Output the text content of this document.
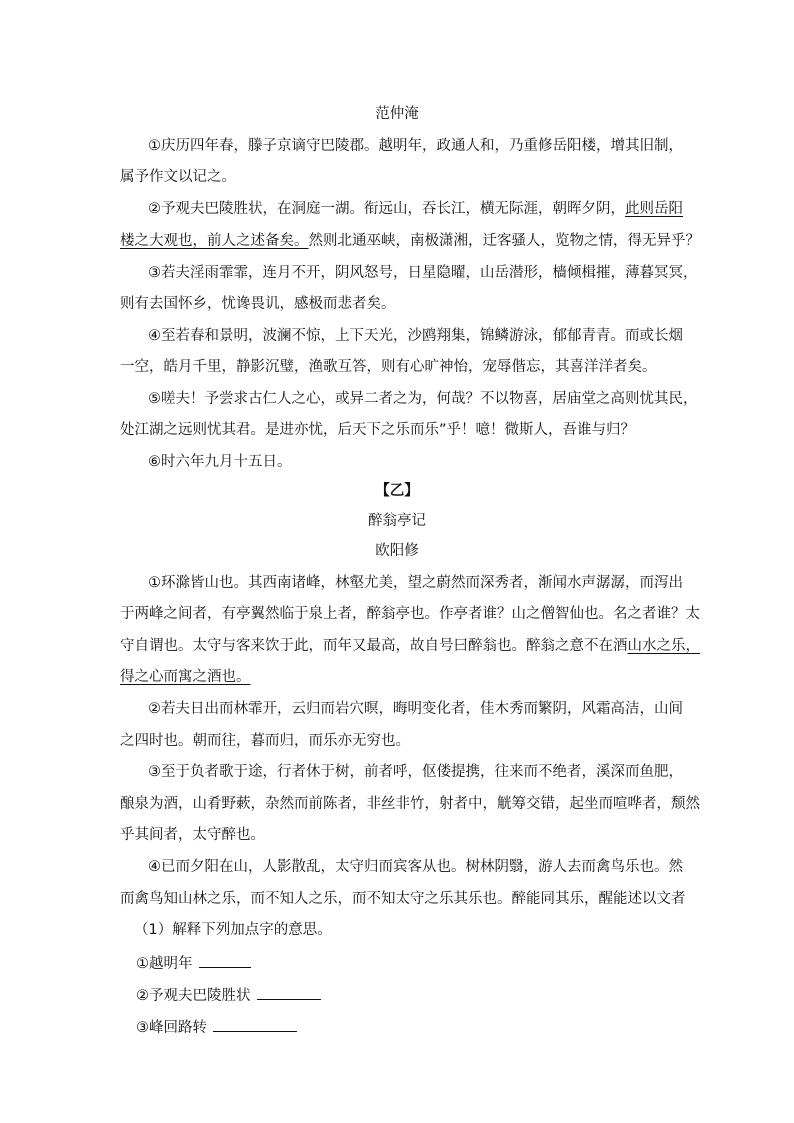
范仲淹
①庆历四年春，滕子京谪守巴陵郡。越明年，政通人和，乃重修岳阳楼，增其旧制，
属予作文以记之。
②予观夫巴陵胜状，在洞庭一湖。衔远山，吞长江，横无际涯，朝晖夕阴，此则岳阳
楼之大观也，前人之述备矣。然则北通巫峡，南极潇湘，迁客骚人，览物之情，得无异乎？
③若夫淫雨霏霏，连月不开，阴风怒号，日星隐曜，山岳潜形，樯倾楫摧，薄暮冥冥，
则有去国怀乡，忧谗畏讥，感极而悲者矣。
④至若春和景明，波澜不惊，上下天光，沙鸥翔集，锦鳞游泳，郁郁青青。而或长烟
一空，皓月千里，静影沉璧，渔歌互答，则有心旷神怡，宠辱偕忘，其喜洋洋者矣。
⑤嗟夫！予尝求古仁人之心，或异二者之为，何哉？不以物喜，居庙堂之高则忧其民，
处江湖之远则忧其君。是进亦忧，后天下之乐而乐”乎！噫！微斯人，吾谁与归？
⑥时六年九月十五日。
【乙】
醉翁亭记
欧阳修
①环滁皆山也。其西南诸峰，林壑尤美，望之蔚然而深秀者，渐闻水声潺潺，而泻出
于两峰之间者，有亭翼然临于泉上者，醉翁亭也。作亭者谁？山之僧智仙也。名之者谁？太
守自谓也。太守与客来饮于此，而年又最高，故自号曰醉翁也。醉翁之意不在酒山水之乐，
得之心而寓之酒也。
②若夫日出而林霏开，云归而岩穴暝，晦明变化者，佳木秀而繁阴，风霜高洁，山间
之四时也。朝而往，暮而归，而乐亦无穷也。
③至于负者歌于途，行者休于树，前者呼，伛偻提携，往来而不绝者，溪深而鱼肥，
酿泉为酒，山肴野蔌，杂然而前陈者，非丝非竹，射者中，觥筹交错，起坐而喧哗者，颓然
乎其间者，太守醉也。
④已而夕阳在山，人影散乱，太守归而宾客从也。树林阴翳，游人去而禽鸟乐也。然
而禽鸟知山林之乐，而不知人之乐，而不知太守之乐其乐也。醉能同其乐，醒能述以文者
（1）解释下列加点字的意思。
①越明年
②予观夫巴陵胜状
③峰回路转
